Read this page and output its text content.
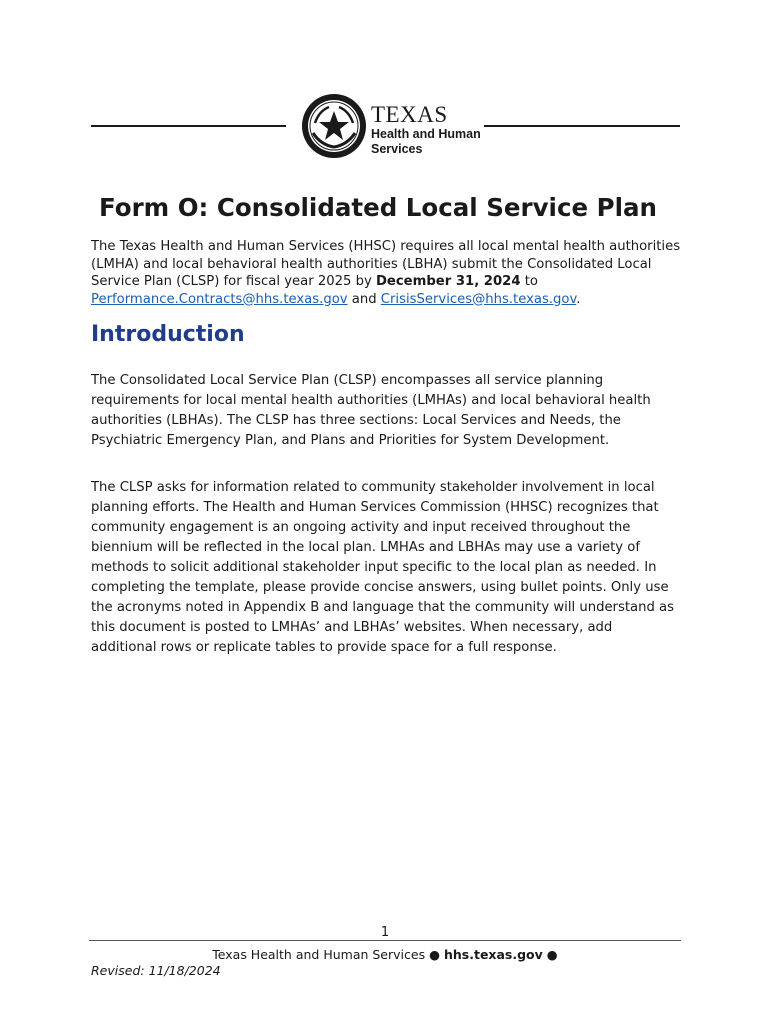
TEXAS
Health and Human
Services
Form O: Consolidated Local Service Plan

The Texas Health and Human Services (HHSC) requires all local mental health authorities (LMHA) and local behavioral health authorities (LBHA) submit the Consolidated Local Service Plan (CLSP) for fiscal year 2025 by December 31, 2024 to Performance.Contracts@hhs.texas.gov and CrisisServices@hhs.texas.gov.

Introduction

The Consolidated Local Service Plan (CLSP) encompasses all service planning requirements for local mental health authorities (LMHAs) and local behavioral health authorities (LBHAs). The CLSP has three sections: Local Services and Needs, the Psychiatric Emergency Plan, and Plans and Priorities for System Development.

The CLSP asks for information related to community stakeholder involvement in local planning efforts. The Health and Human Services Commission (HHSC) recognizes that community engagement is an ongoing activity and input received throughout the biennium will be reflected in the local plan. LMHAs and LBHAs may use a variety of methods to solicit additional stakeholder input specific to the local plan as needed. In completing the template, please provide concise answers, using bullet points. Only use the acronyms noted in Appendix B and language that the community will understand as this document is posted to LMHAs’ and LBHAs’ websites. When necessary, add additional rows or replicate tables to provide space for a full response.

1
Texas Health and Human Services ● hhs.texas.gov ●
Revised: 11/18/2024
